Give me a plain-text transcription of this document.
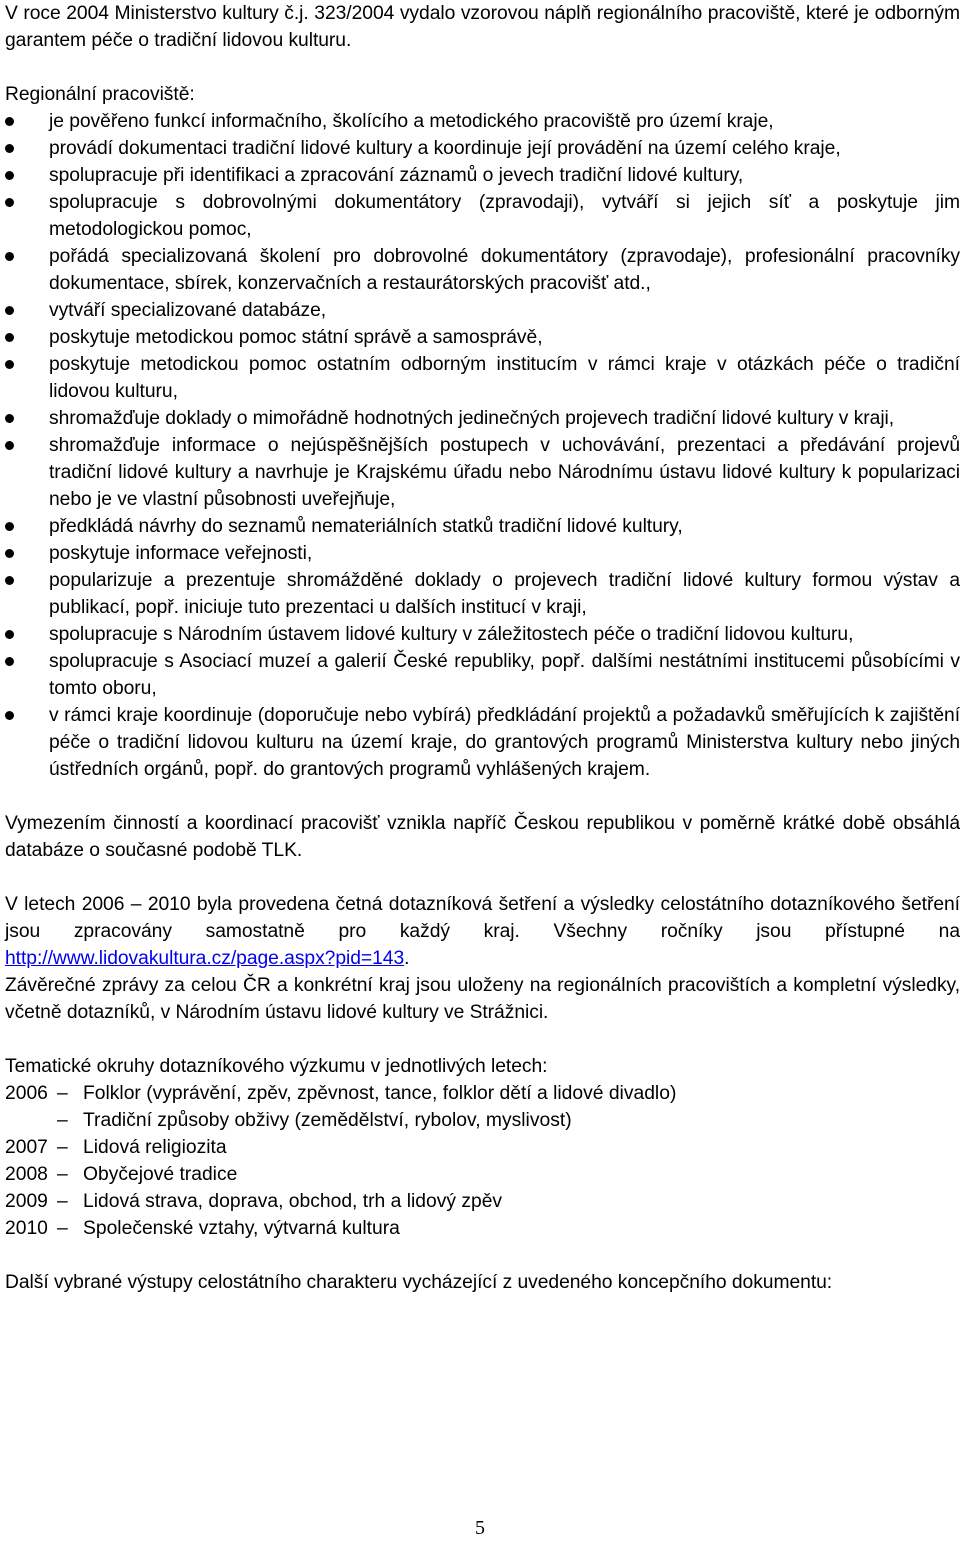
V roce 2004 Ministerstvo kultury č.j. 323/2004 vydalo vzorovou náplň regionálního pracoviště, které je odborným garantem péče o tradiční lidovou kulturu.

Regionální pracoviště:

je pověřeno funkcí informačního, školícího a metodického pracoviště pro území kraje,
provádí dokumentaci tradiční lidové kultury a koordinuje její provádění na území celého kraje,
spolupracuje při identifikaci a zpracování záznamů o jevech tradiční lidové kultury,
spolupracuje s dobrovolnými dokumentátory (zpravodaji), vytváří si jejich síť a poskytuje jim metodologickou pomoc,
pořádá specializovaná školení pro dobrovolné dokumentátory (zpravodaje), profesionální pracovníky dokumentace, sbírek, konzervačních a restaurátorských pracovišť atd.,
vytváří specializované databáze,
poskytuje metodickou pomoc státní správě a samosprávě,
poskytuje metodickou pomoc ostatním odborným institucím v rámci kraje v otázkách péče o tradiční lidovou kulturu,
shromažďuje doklady o mimořádně hodnotných jedinečných projevech tradiční lidové kultury v kraji,
shromažďuje informace o nejúspěšnějších postupech v uchovávání, prezentaci a předávání projevů tradiční lidové kultury a navrhuje je Krajskému úřadu nebo Národnímu ústavu lidové kultury k popularizaci nebo je ve vlastní působnosti uveřejňuje,
předkládá návrhy do seznamů nemateriálních statků tradiční lidové kultury,
poskytuje informace veřejnosti,
popularizuje a prezentuje shromážděné doklady o projevech tradiční lidové kultury formou výstav a publikací, popř. iniciuje tuto prezentaci u dalších institucí v kraji,
spolupracuje s Národním ústavem lidové kultury v záležitostech péče o tradiční lidovou kulturu,
spolupracuje s Asociací muzeí a galerií České republiky, popř. dalšími nestátními institucemi působícími v tomto oboru,
v rámci kraje koordinuje (doporučuje nebo vybírá) předkládání projektů a požadavků směřujících k zajištění péče o tradiční lidovou kulturu na území kraje, do grantových programů Ministerstva kultury nebo jiných ústředních orgánů, popř. do grantových programů vyhlášených krajem.

Vymezením činností a koordinací pracovišť vznikla napříč Českou republikou v poměrně krátké době obsáhlá databáze o současné podobě TLK.

V letech 2006 – 2010 byla provedena četná dotazníková šetření a výsledky celostátního dotazníkového šetření jsou zpracovány samostatně pro každý kraj. Všechny ročníky jsou přístupné na http://www.lidovakultura.cz/page.aspx?pid=143.

Závěrečné zprávy za celou ČR a konkrétní kraj jsou uloženy na regionálních pracovištích a kompletní výsledky, včetně dotazníků, v Národním ústavu lidové kultury ve Strážnici.

Tematické okruhy dotazníkového výzkumu v jednotlivých letech:

2006 – Folklor (vyprávění, zpěv, zpěvnost, tance, folklor dětí a lidové divadlo)
– Tradiční způsoby obživy (zemědělství, rybolov, myslivost)
2007 – Lidová religiozita
2008 – Obyčejové tradice
2009 – Lidová strava, doprava, obchod, trh a lidový zpěv
2010 – Společenské vztahy, výtvarná kultura

Další vybrané výstupy celostátního charakteru vycházející z uvedeného koncepčního dokumentu:

5
